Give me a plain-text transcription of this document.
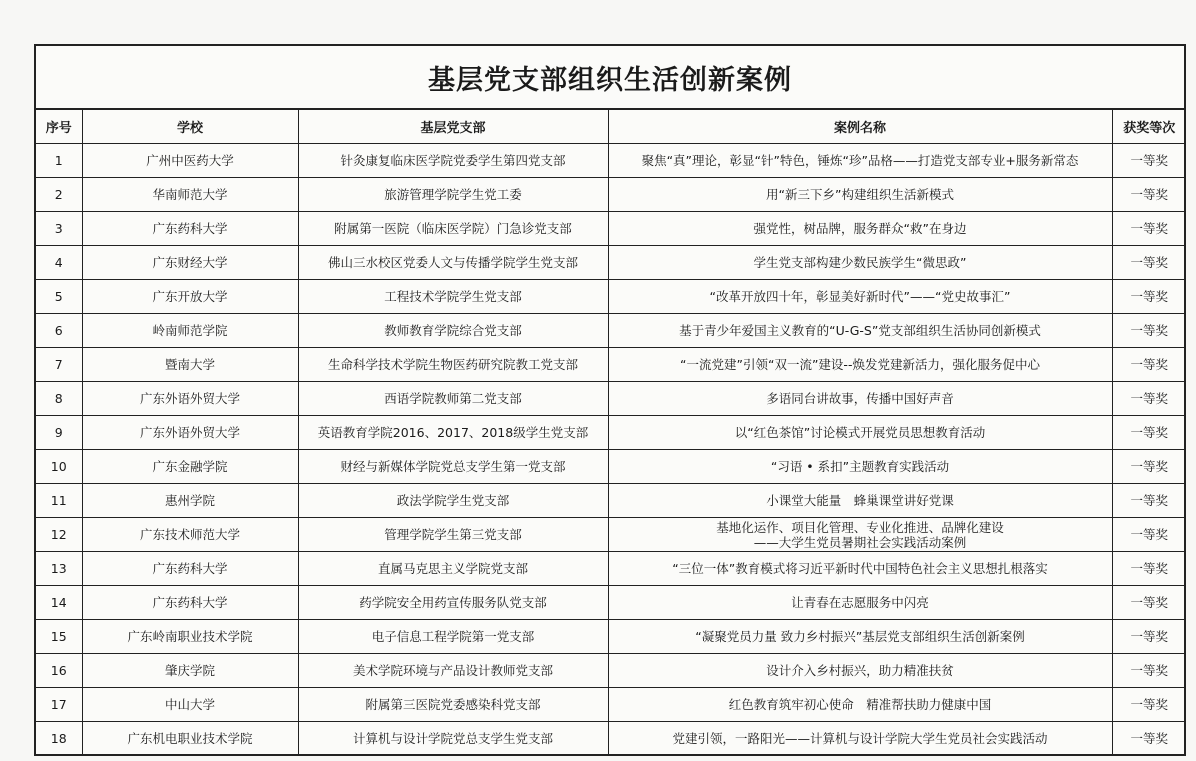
基层党支部组织生活创新案例
序号	学校	基层党支部	案例名称	获奖等次
1	广州中医药大学	针灸康复临床医学院党委学生第四党支部	聚焦“真”理论，彰显“针”特色，锤炼“珍”品格——打造党支部专业+服务新常态	一等奖
2	华南师范大学	旅游管理学院学生党工委	用“新三下乡”构建组织生活新模式	一等奖
3	广东药科大学	附属第一医院（临床医学院）门急诊党支部	强党性，树品牌，服务群众“救”在身边	一等奖
4	广东财经大学	佛山三水校区党委人文与传播学院学生党支部	学生党支部构建少数民族学生“微思政”	一等奖
5	广东开放大学	工程技术学院学生党支部	“改革开放四十年，彰显美好新时代”——“党史故事汇”	一等奖
6	岭南师范学院	教师教育学院综合党支部	基于青少年爱国主义教育的“U-G-S”党支部组织生活协同创新模式	一等奖
7	暨南大学	生命科学技术学院生物医药研究院教工党支部	“一流党建”引领“双一流”建设--焕发党建新活力，强化服务促中心	一等奖
8	广东外语外贸大学	西语学院教师第二党支部	多语同台讲故事，传播中国好声音	一等奖
9	广东外语外贸大学	英语教育学院2016、2017、2018级学生党支部	以“红色茶馆”讨论模式开展党员思想教育活动	一等奖
10	广东金融学院	财经与新媒体学院党总支学生第一党支部	“习语 • 系扣”主题教育实践活动	一等奖
11	惠州学院	政法学院学生党支部	小课堂大能量　蜂巢课堂讲好党课	一等奖
12	广东技术师范大学	管理学院学生第三党支部	基地化运作、项目化管理、专业化推进、品牌化建设
——大学生党员暑期社会实践活动案例	一等奖
13	广东药科大学	直属马克思主义学院党支部	“三位一体”教育模式将习近平新时代中国特色社会主义思想扎根落实	一等奖
14	广东药科大学	药学院安全用药宣传服务队党支部	让青春在志愿服务中闪亮	一等奖
15	广东岭南职业技术学院	电子信息工程学院第一党支部	“凝聚党员力量 致力乡村振兴”基层党支部组织生活创新案例	一等奖
16	肇庆学院	美术学院环境与产品设计教师党支部	设计介入乡村振兴，助力精准扶贫	一等奖
17	中山大学	附属第三医院党委感染科党支部	红色教育筑牢初心使命　精准帮扶助力健康中国	一等奖
18	广东机电职业技术学院	计算机与设计学院党总支学生党支部	党建引领，一路阳光——计算机与设计学院大学生党员社会实践活动	一等奖
